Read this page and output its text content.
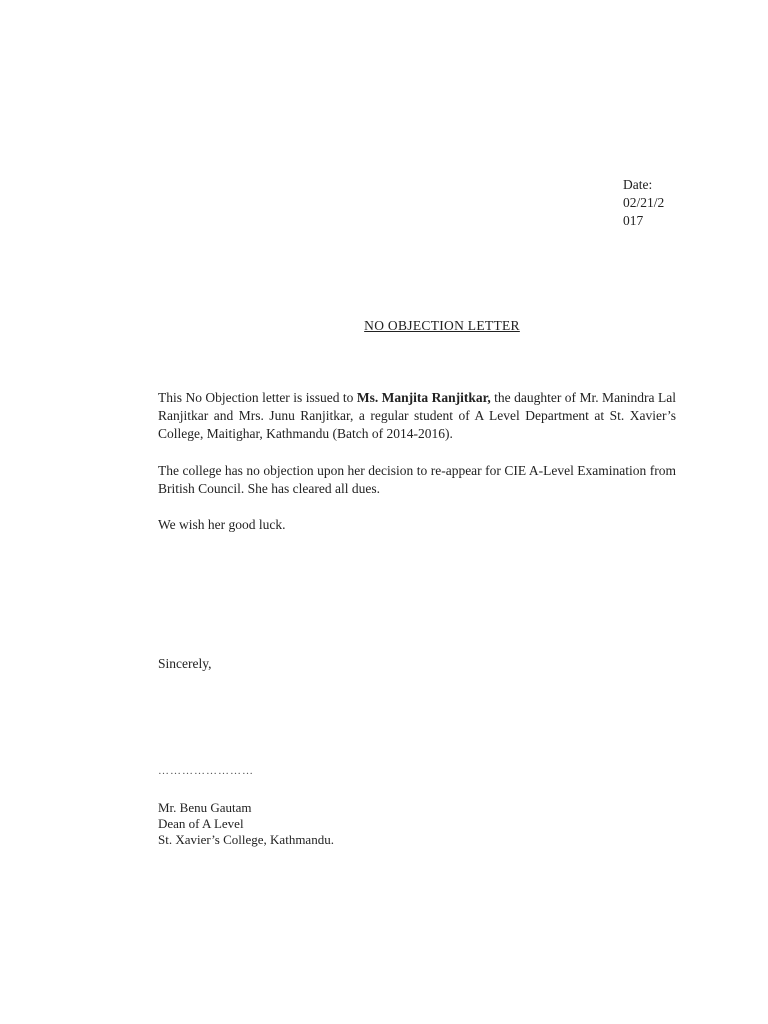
Date:
02/21/2
017
NO OBJECTION LETTER

This No Objection letter is issued to Ms. Manjita Ranjitkar, the daughter of Mr. Manindra Lal Ranjitkar and Mrs. Junu Ranjitkar, a regular student of A Level Department at St. Xavier’s College, Maitighar, Kathmandu (Batch of 2014-2016).

The college has no objection upon her decision to re-appear for CIE A-Level Examination from British Council. She has cleared all dues.

We wish her good luck.

Sincerely,
……………………
Mr. Benu Gautam
Dean of A Level
St. Xavier’s College, Kathmandu.
